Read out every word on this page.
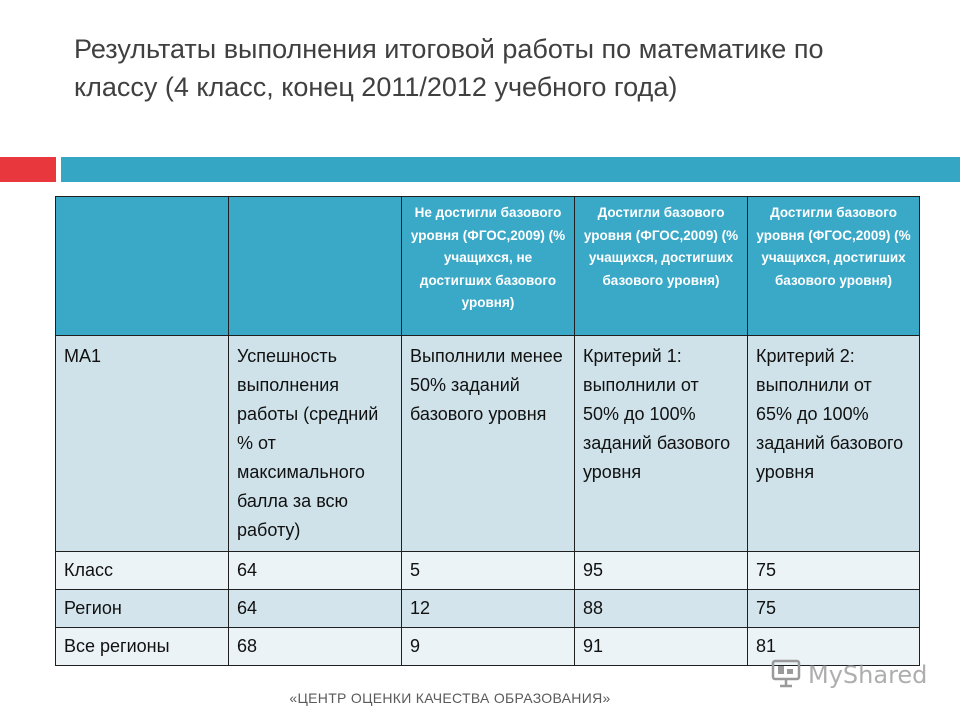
Результаты выполнения итоговой работы по математике по
классу (4 класс, конец 2011/2012 учебного года)
		Не достигли базового уровня (ФГОС,2009) (% учащихся, не достигших базового уровня)	Достигли базового уровня (ФГОС,2009) (% учащихся, достигших базового уровня)	Достигли базового уровня (ФГОС,2009) (% учащихся, достигших базового уровня)
МА1	Успешность выполнения работы (средний % от максимального балла за всю работу)	Выполнили менее 50% заданий базового уровня	Критерий 1: выполнили от 50% до 100% заданий базового уровня	Критерий 2: выполнили от 65% до 100% заданий базового уровня
Класс	64	5	95	75
Регион	64	12	88	75
Все регионы	68	9	91	81
MyShared
«ЦЕНТР ОЦЕНКИ КАЧЕСТВА ОБРАЗОВАНИЯ»
